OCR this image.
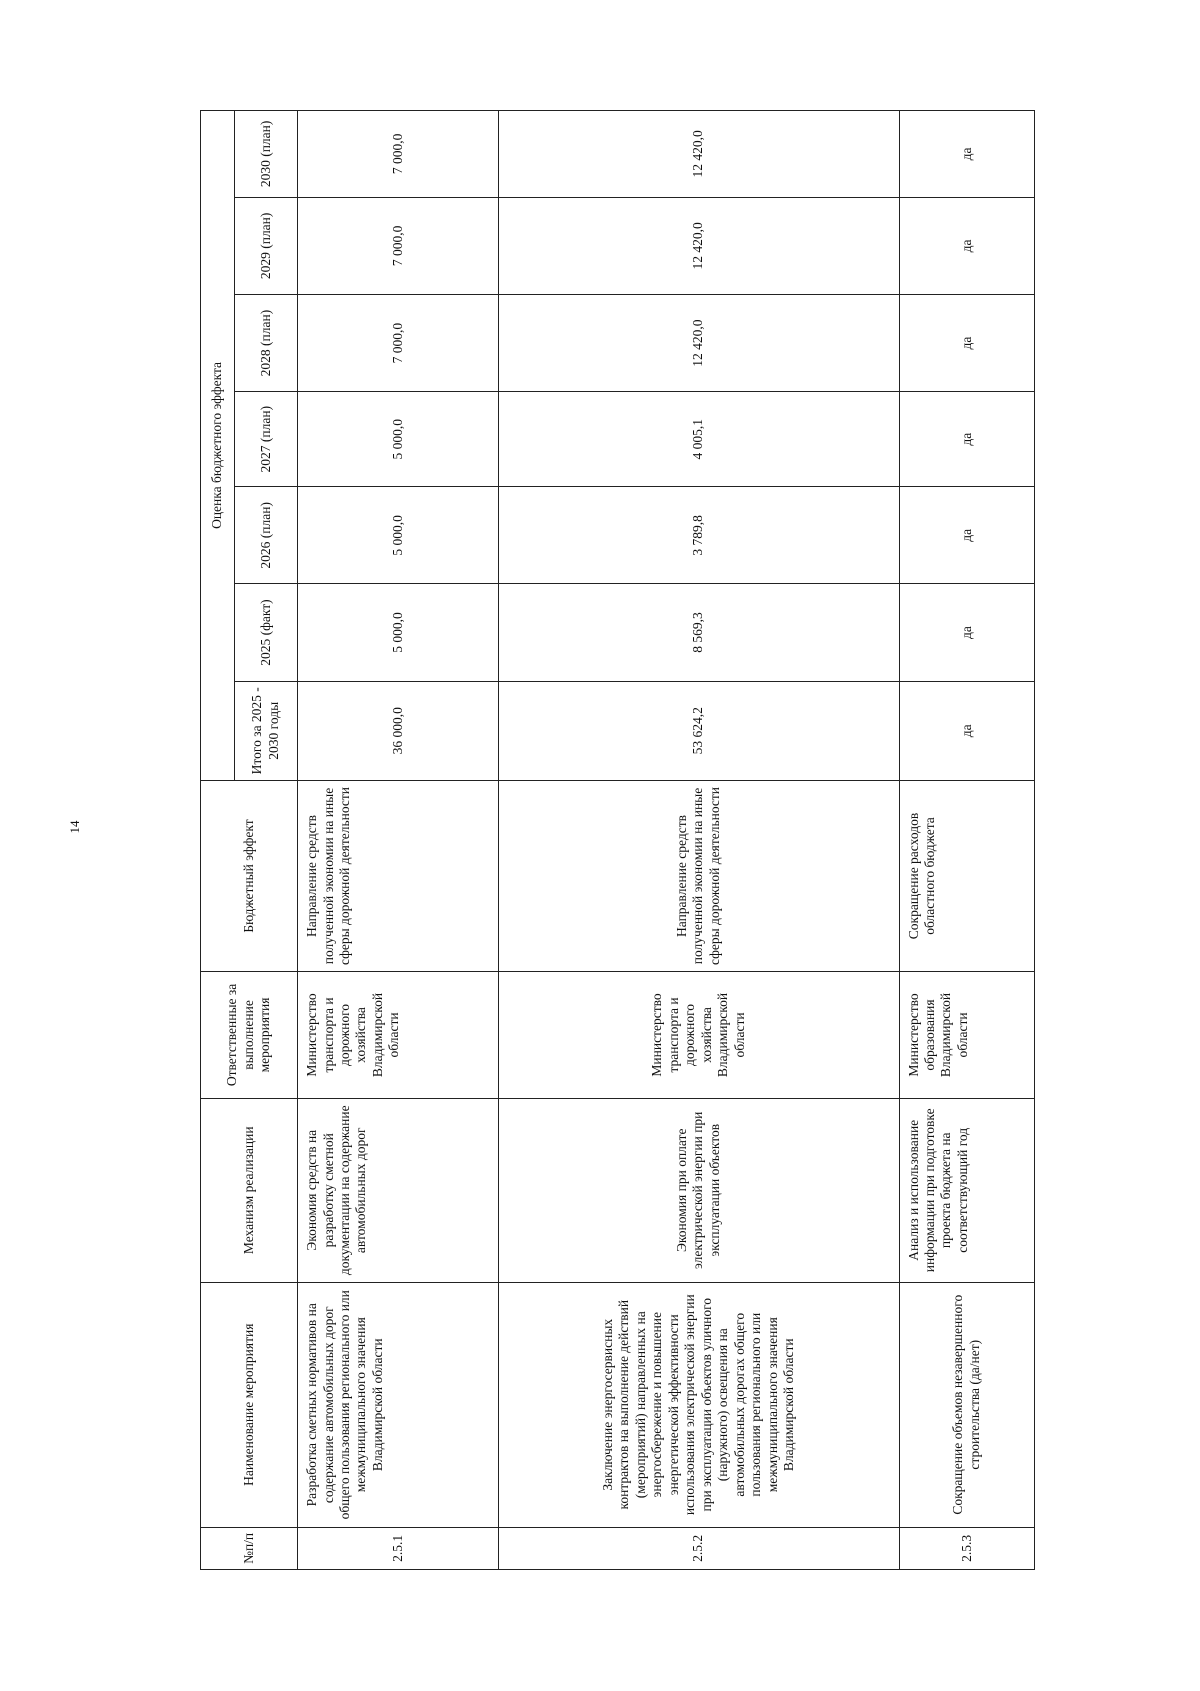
14
№п/п	Наименование мероприятия	Механизм реализации	Ответственные за выполнение мероприятия	Бюджетный эффект	Оценка бюджетного эффекта						
					Итого за 2025 - 2030 годы	2025 (факт)	2026 (план)	2027 (план)	2028 (план)	2029 (план)	2030 (план)
2.5.1	Разработка сметных нормативов на содержание автомобильных дорог общего пользования регионального или межмуниципального значения Владимирской области	Экономия средств на разработку сметной документации на содержание автомобильных дорог	Министерство транспорта и дорожного хозяйства Владимирской области	Направление средств полученной экономии на иные сферы дорожной деятельности	36 000,0	5 000,0	5 000,0	5 000,0	7 000,0	7 000,0	7 000,0
2.5.2	Заключение энергосервисных контрактов на выполнение действий (мероприятий) направленных на энергосбережение и повышение энергетической эффективности использования электрической энергии при эксплуатации объектов уличного (наружного) освещения на автомобильных дорогах общего пользования регионального или межмуниципального значения Владимирской области	Экономия при оплате электрической энергии при эксплуатации объектов	Министерство транспорта и дорожного хозяйства Владимирской области	Направление средств полученной экономии на иные сферы дорожной деятельности	53 624,2	8 569,3	3 789,8	4 005,1	12 420,0	12 420,0	12 420,0
2.5.3	Сокращение объемов незавершенного строительства (да/нет)	Анализ и использование информации при подготовке проекта бюджета на соответствующий год	Министерство образования Владимирской области	Сокращение расходов областного бюджета	да	да	да	да	да	да	да
